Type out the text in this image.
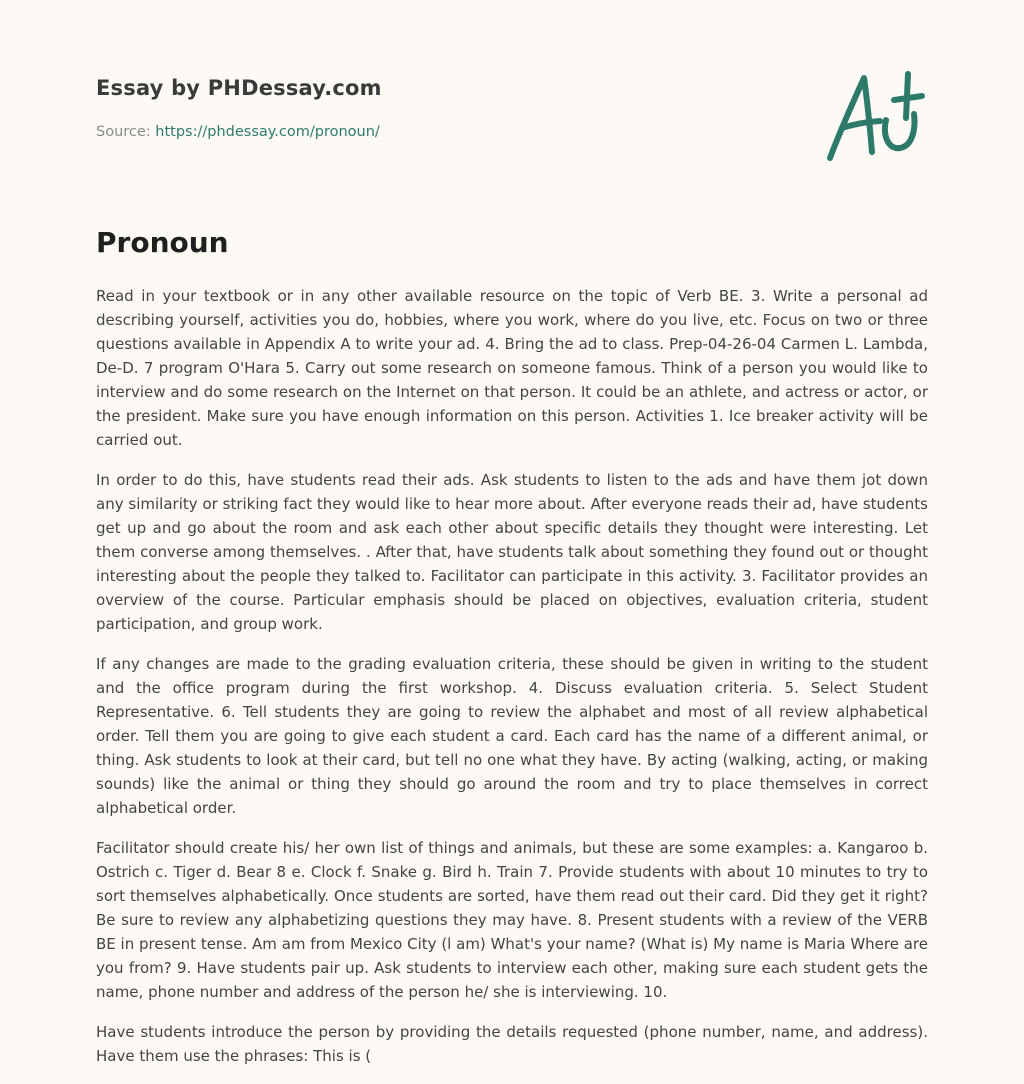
Essay by PHDessay.com
Source: https://phdessay.com/pronoun/
Pronoun

Read in your textbook or in any other available resource on the topic of Verb BE. 3. Write a personal ad describing yourself, activities you do, hobbies, where you work, where do you live, etc. Focus on two or three questions available in Appendix A to write your ad. 4. Bring the ad to class. Prep-04-26-04 Carmen L. Lambda, De-D. 7 program O'Hara 5. Carry out some research on someone famous. Think of a person you would like to interview and do some research on the Internet on that person. It could be an athlete, and actress or actor, or the president. Make sure you have enough information on this person. Activities 1. Ice breaker activity will be carried out.

In order to do this, have students read their ads. Ask students to listen to the ads and have them jot down any similarity or striking fact they would like to hear more about. After everyone reads their ad, have students get up and go about the room and ask each other about specific details they thought were interesting. Let them converse among themselves. . After that, have students talk about something they found out or thought interesting about the people they talked to. Facilitator can participate in this activity. 3. Facilitator provides an overview of the course. Particular emphasis should be placed on objectives, evaluation criteria, student participation, and group work.

If any changes are made to the grading evaluation criteria, these should be given in writing to the student and the office program during the first workshop. 4. Discuss evaluation criteria. 5. Select Student Representative. 6. Tell students they are going to review the alphabet and most of all review alphabetical order. Tell them you are going to give each student a card. Each card has the name of a different animal, or thing. Ask students to look at their card, but tell no one what they have. By acting (walking, acting, or making sounds) like the animal or thing they should go around the room and try to place themselves in correct alphabetical order.

Facilitator should create his/ her own list of things and animals, but these are some examples: a. Kangaroo b. Ostrich c. Tiger d. Bear 8 e. Clock f. Snake g. Bird h. Train 7. Provide students with about 10 minutes to try to sort themselves alphabetically. Once students are sorted, have them read out their card. Did they get it right? Be sure to review any alphabetizing questions they may have. 8. Present students with a review of the VERB BE in present tense. Am am from Mexico City (l am) What's your name? (What is) My name is Maria Where are you from? 9. Have students pair up. Ask students to interview each other, making sure each student gets the name, phone number and address of the person he/ she is interviewing. 10.

Have students introduce the person by providing the details requested (phone number, name, and address). Have them use the phrases: This is (
